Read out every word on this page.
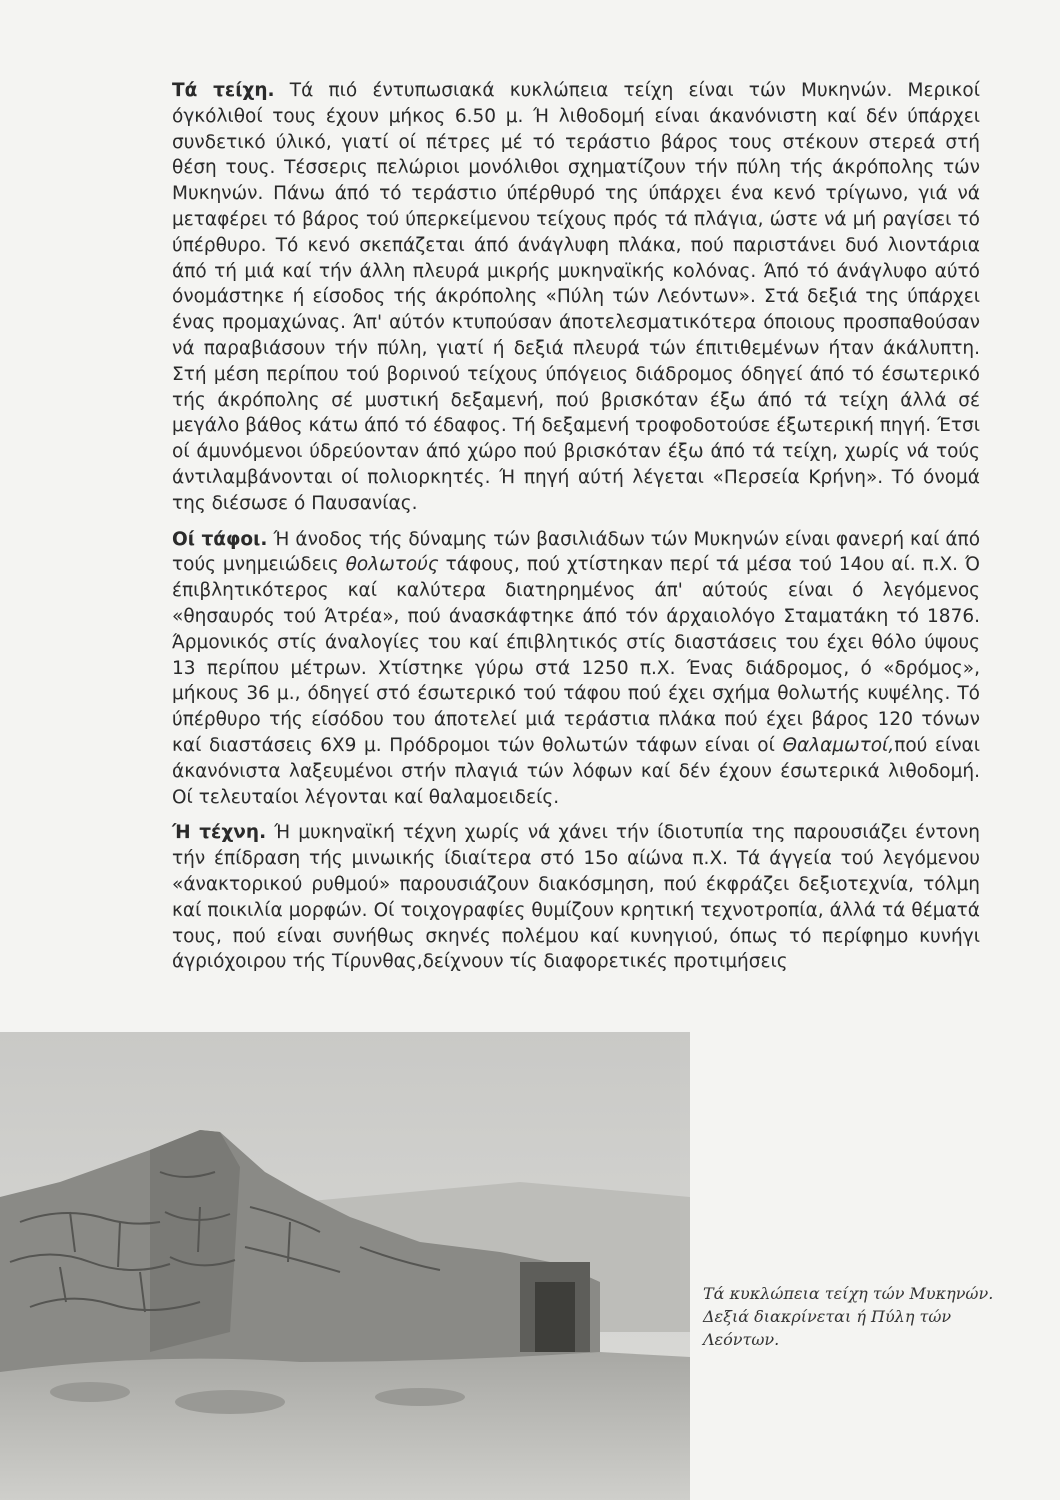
Τά τείχη. Τά πιό έντυπωσιακά κυκλώπεια τείχη είναι τών Μυκηνών. Μερικοί όγκόλιθοί τους έχουν μήκος 6.50 μ. Ή λιθοδομή είναι άκανόνιστη καί δέν ύπάρχει συνδετικό ύλικό, γιατί οί πέτρες μέ τό τεράστιο βάρος τους στέκουν στερεά στή θέση τους. Τέσσερις πελώριοι μονόλιθοι σχηματίζουν τήν πύλη τής άκρόπολης τών Μυκηνών. Πάνω άπό τό τεράστιο ύπέρθυρό της ύπάρχει ένα κενό τρίγωνο, γιά νά μεταφέρει τό βάρος τού ύπερκείμενου τείχους πρός τά πλάγια, ώστε νά μή ραγίσει τό ύπέρθυρο. Τό κενό σκεπάζεται άπό άνάγλυφη πλάκα, πού παριστάνει δυό λιοντάρια άπό τή μιά καί τήν άλλη πλευρά μικρής μυκηναϊκής κολόνας. Άπό τό άνάγλυφο αύτό όνομάστηκε ή είσοδος τής άκρόπολης «Πύλη τών Λεόντων». Στά δεξιά της ύπάρχει ένας προμαχώνας. Άπ' αύτόν κτυπούσαν άποτελεσματικότερα όποιους προσπαθούσαν νά παραβιάσουν τήν πύλη, γιατί ή δεξιά πλευρά τών έπιτιθεμένων ήταν άκάλυπτη. Στή μέση περίπου τού βορινού τείχους ύπόγειος διάδρομος όδηγεί άπό τό έσωτερικό τής άκρόπολης σέ μυστική δεξαμενή, πού βρισκόταν έξω άπό τά τείχη άλλά σέ μεγάλο βάθος κάτω άπό τό έδαφος. Τή δεξαμενή τροφοδοτούσε έξωτερική πηγή. Έτσι οί άμυνόμενοι ύδρεύονταν άπό χώρο πού βρισκόταν έξω άπό τά τείχη, χωρίς νά τούς άντιλαμβάνονται οί πολιορκητές. Ή πηγή αύτή λέγεται «Περσεία Κρήνη». Τό όνομά της διέσωσε ό Παυσανίας.

Οί τάφοι. Ή άνοδος τής δύναμης τών βασιλιάδων τών Μυκηνών είναι φανερή καί άπό τούς μνημειώδεις θολωτούς τάφους, πού χτίστηκαν περί τά μέσα τού 14ου αί. π.Χ. Ό έπιβλητικότερος καί καλύτερα διατηρημένος άπ' αύτούς είναι ό λεγόμενος «θησαυρός τού Άτρέα», πού άνασκάφτηκε άπό τόν άρχαιολόγο Σταματάκη τό 1876. Άρμονικός στίς άναλογίες του καί έπιβλητικός στίς διαστάσεις του έχει θόλο ύψους 13 περίπου μέτρων. Χτίστηκε γύρω στά 1250 π.Χ. Ένας διάδρομος, ό «δρόμος», μήκους 36 μ., όδηγεί στό έσωτερικό τού τάφου πού έχει σχήμα θολωτής κυψέλης. Τό ύπέρθυρο τής είσόδου του άποτελεί μιά τεράστια πλάκα πού έχει βάρος 120 τόνων καί διαστάσεις 6Χ9 μ. Πρόδρομοι τών θολωτών τάφων είναι οί Θαλαμωτοί,πού είναι άκανόνιστα λαξευμένοι στήν πλαγιά τών λόφων καί δέν έχουν έσωτερικά λιθοδομή. Οί τελευταίοι λέγονται καί θαλαμοειδείς.

Ή τέχνη. Ή μυκηναϊκή τέχνη χωρίς νά χάνει τήν ίδιοτυπία της παρουσιάζει έντονη τήν έπίδραση τής μινωικής ίδιαίτερα στό 15ο αίώνα π.Χ. Τά άγγεία τού λεγόμενου «άνακτορικού ρυθμού» παρουσιάζουν διακόσμηση, πού έκφράζει δεξιοτεχνία, τόλμη καί ποικιλία μορφών. Οί τοιχογραφίες θυμίζουν κρητική τεχνοτροπία, άλλά τά θέματά τους, πού είναι συνήθως σκηνές πολέμου καί κυνηγιού, όπως τό περίφημο κυνήγι άγριόχοιρου τής Τίρυνθας,δείχνουν τίς διαφορετικές προτιμήσεις

Τά κυκλώπεια τείχη τών Μυκηνών. Δεξιά διακρίνεται ή Πύλη τών Λεόντων.
